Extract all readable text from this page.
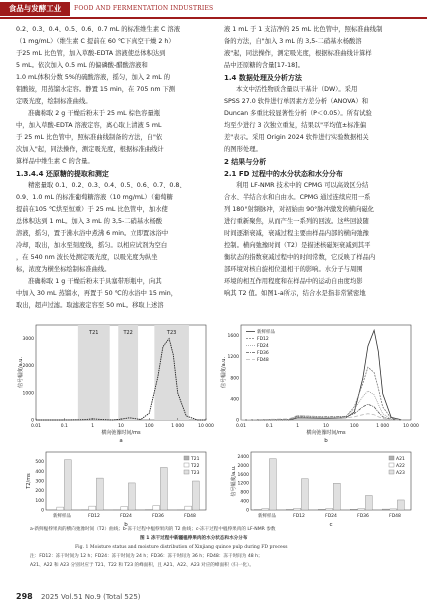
食品与发酵工业	FOOD AND FERMENTATION INDUSTRIES

0.2、0.3、0.4、0.5、0.6、0.7 mL 的标准维生素 C 溶液

（1 mg/mL）（维生素 C 提前在 60 ℃下真空干燥 2 h）

于25 mL 比色管，加入草酸-EDTA 溶液使总体积达到

5 mL。依次加入 0.5 mL 的偏磷酸-醋酸溶液和

1.0 mL体积分数 5%的硫酸溶液，摇匀，加入 2 mL 的

钼酸铵，用蒸馏水定容。静置 15 min，在 705 nm 下测

定吸光度，绘制标准曲线。

准确称取 2 g 干燥后粉末于 25 mL 棕色容量瓶

中，加入草酸-EDTA 溶液定容，离心取上清液 5 mL

于 25 mL 比色管中，照标准曲线制备的方法，自"依

次加入"起，同法操作，测定吸光度，根据标准曲线计

算样品中维生素 C 的含量。

1.3.4.4 还原糖的提取和测定

精密量取 0.1、0.2、0.3、0.4、0.5、0.6、0.7、0.8、

0.9、1.0 mL 的标准葡萄糖溶液（10 mg/mL）（葡萄糖

提前在105 ℃烘至恒重）于 25 mL 比色管中，加水使

总体积达到 1 mL。加入 3 mL 的 3,5-二硝基水杨酸

溶液，摇匀，置于沸水浴中煮沸 6 min。立即置冰浴中

冷却，取出，加水至刻度线，摇匀。以相应试剂为空白

，在 540 nm 波长处测定吸光度，以吸光度为纵坐

标，浓度为横坐标绘制标准曲线。

准确称取 1 g 干燥后粉末于具塞带形瓶中，向其

中加入 30 mL 蒸馏水，再置于 50 ℃的水浴中 15 min，

取出，超声过滤。取滤液定容至 50 mL。移取上述溶

液 1 mL 于 1 支洁净的 25 mL 比色管中，照标准曲线制

备的方法，自"加入 3 mL 的 3,5-二硝基水杨酸溶

液"起，同法操作，测定吸光度，根据标准曲线计算样

品中还原糖的含量[17-18]。

1.4 数据处理及分析方法

本文中活性物质含量以干基计（DW）。采用

SPSS 27.0 软件进行单因素方差分析（ANOVA）和

Duncan 多重比较显著性分析（P＜0.05）。所有试验

均至少进行 3 次独立重复，结果以"平均值±标准偏

差"表示。采用 Origin 2024 软件进行实验数据相关

的图形处理。

2 结果与分析

2.1 FD 过程中的水分状态和水分分布

利用 LF-NMR 技术中的 CPMG 可以高效区分结

合水、半结合水和自由水。CPMG 通过连续应用一系

列 180°射频脉冲，对初始由 90°脉冲激发的横向磁化

进行重新聚焦，从而产生一系列的回波。这些回波随

时间逐渐衰减，衰减过程主要由样品内部的横向弛豫

控制。横向弛豫时间（T2）是描述核磁矩衰减到其平

衡状态的指数衰减过程中的时间常数，它反映了样品内

部环境对核自旋相位退相干的影响。水分子与周围

环境的相互作用程度和在样品中的运动自由度均影

响其 T2 值。如图1-a所示，结合水是指非常紧密地

T21	T22	T23
0.01	0.1	1	10	100	1 000	10 000
0
1000
2000
3000
横向弛豫时间/ms
信号幅度/a.u.
a
新鲜样品
FD12
FD24
FD36
FD48
0.01	0.1	1	10	100	1 000	10 000
0
400
800
1200
1600
横向弛豫时间/ms
信号幅度/a.u.
b
新鲜样品	FD12	FD24	FD36	FD48
0
100
200
300
400
500
T21
T22
T23
T2/ms
b
新鲜样品	FD12	FD24	FD36	FD48
0
400
800
1200
1600
2000
2400	A21
A22
A23
信号幅度/a.u.
c
a-新鲜榅桲果肉的横向弛豫时间（T2）曲线；b-冻干过程中榅桲果肉的 T2 曲线；c-冻干过程中榅桲果肉的 LF-NMR 参数
图 1 冻干过程中新疆榅桲果肉的水分状态和水分分布
Fig. 1 Moisture status and moisture distribution of Xinjiang quince pulp during FD process
注：FD12：冻干时间为 12 h；FD24：冻干时间为 24 h；FD36：冻干时间为 36 h；FD48：冻干时间为 48 h；
A21、A22 和 A23 分别对应于 T21、T22 和 T23 的峰面积，且 A21、A22、A23 对应的峰面积（归一化）。
298 2025 Vol.51 No.9 (Total 525)
